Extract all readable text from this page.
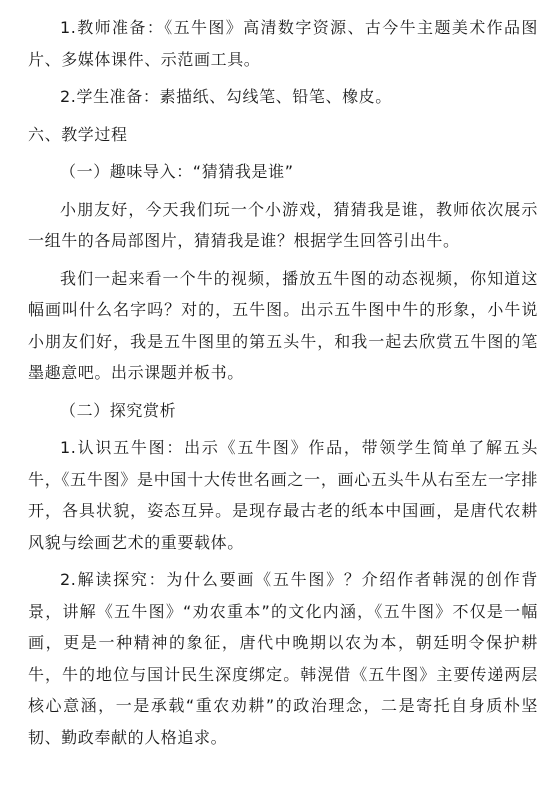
1.教师准备：《五牛图》高清数字资源、古今牛主题美术作品图片、多媒体课件、示范画工具。

2.学生准备：素描纸、勾线笔、铅笔、橡皮。

六、教学过程

（一）趣味导入：“猜猜我是谁”

小朋友好，今天我们玩一个小游戏，猜猜我是谁，教师依次展示一组牛的各局部图片，猜猜我是谁？根据学生回答引出牛。

我们一起来看一个牛的视频，播放五牛图的动态视频，你知道这幅画叫什么名字吗？对的，五牛图。出示五牛图中牛的形象，小牛说小朋友们好，我是五牛图里的第五头牛，和我一起去欣赏五牛图的笔墨趣意吧。出示课题并板书。

（二）探究赏析

1.认识五牛图：出示《五牛图》作品，带领学生简单了解五头牛，《五牛图》是中国十大传世名画之一，画心五头牛从右至左一字排开，各具状貌，姿态互异。是现存最古老的纸本中国画，是唐代农耕风貌与绘画艺术的重要载体。

2.解读探究：为什么要画《五牛图》？介绍作者韩滉的创作背景，讲解《五牛图》“劝农重本”的文化内涵，《五牛图》不仅是一幅画，更是一种精神的象征，唐代中晚期以农为本，朝廷明令保护耕牛，牛的地位与国计民生深度绑定。韩滉借《五牛图》主要传递两层核心意涵，一是承载“重农劝耕”的政治理念，二是寄托自身质朴坚韧、勤政奉献的人格追求。
